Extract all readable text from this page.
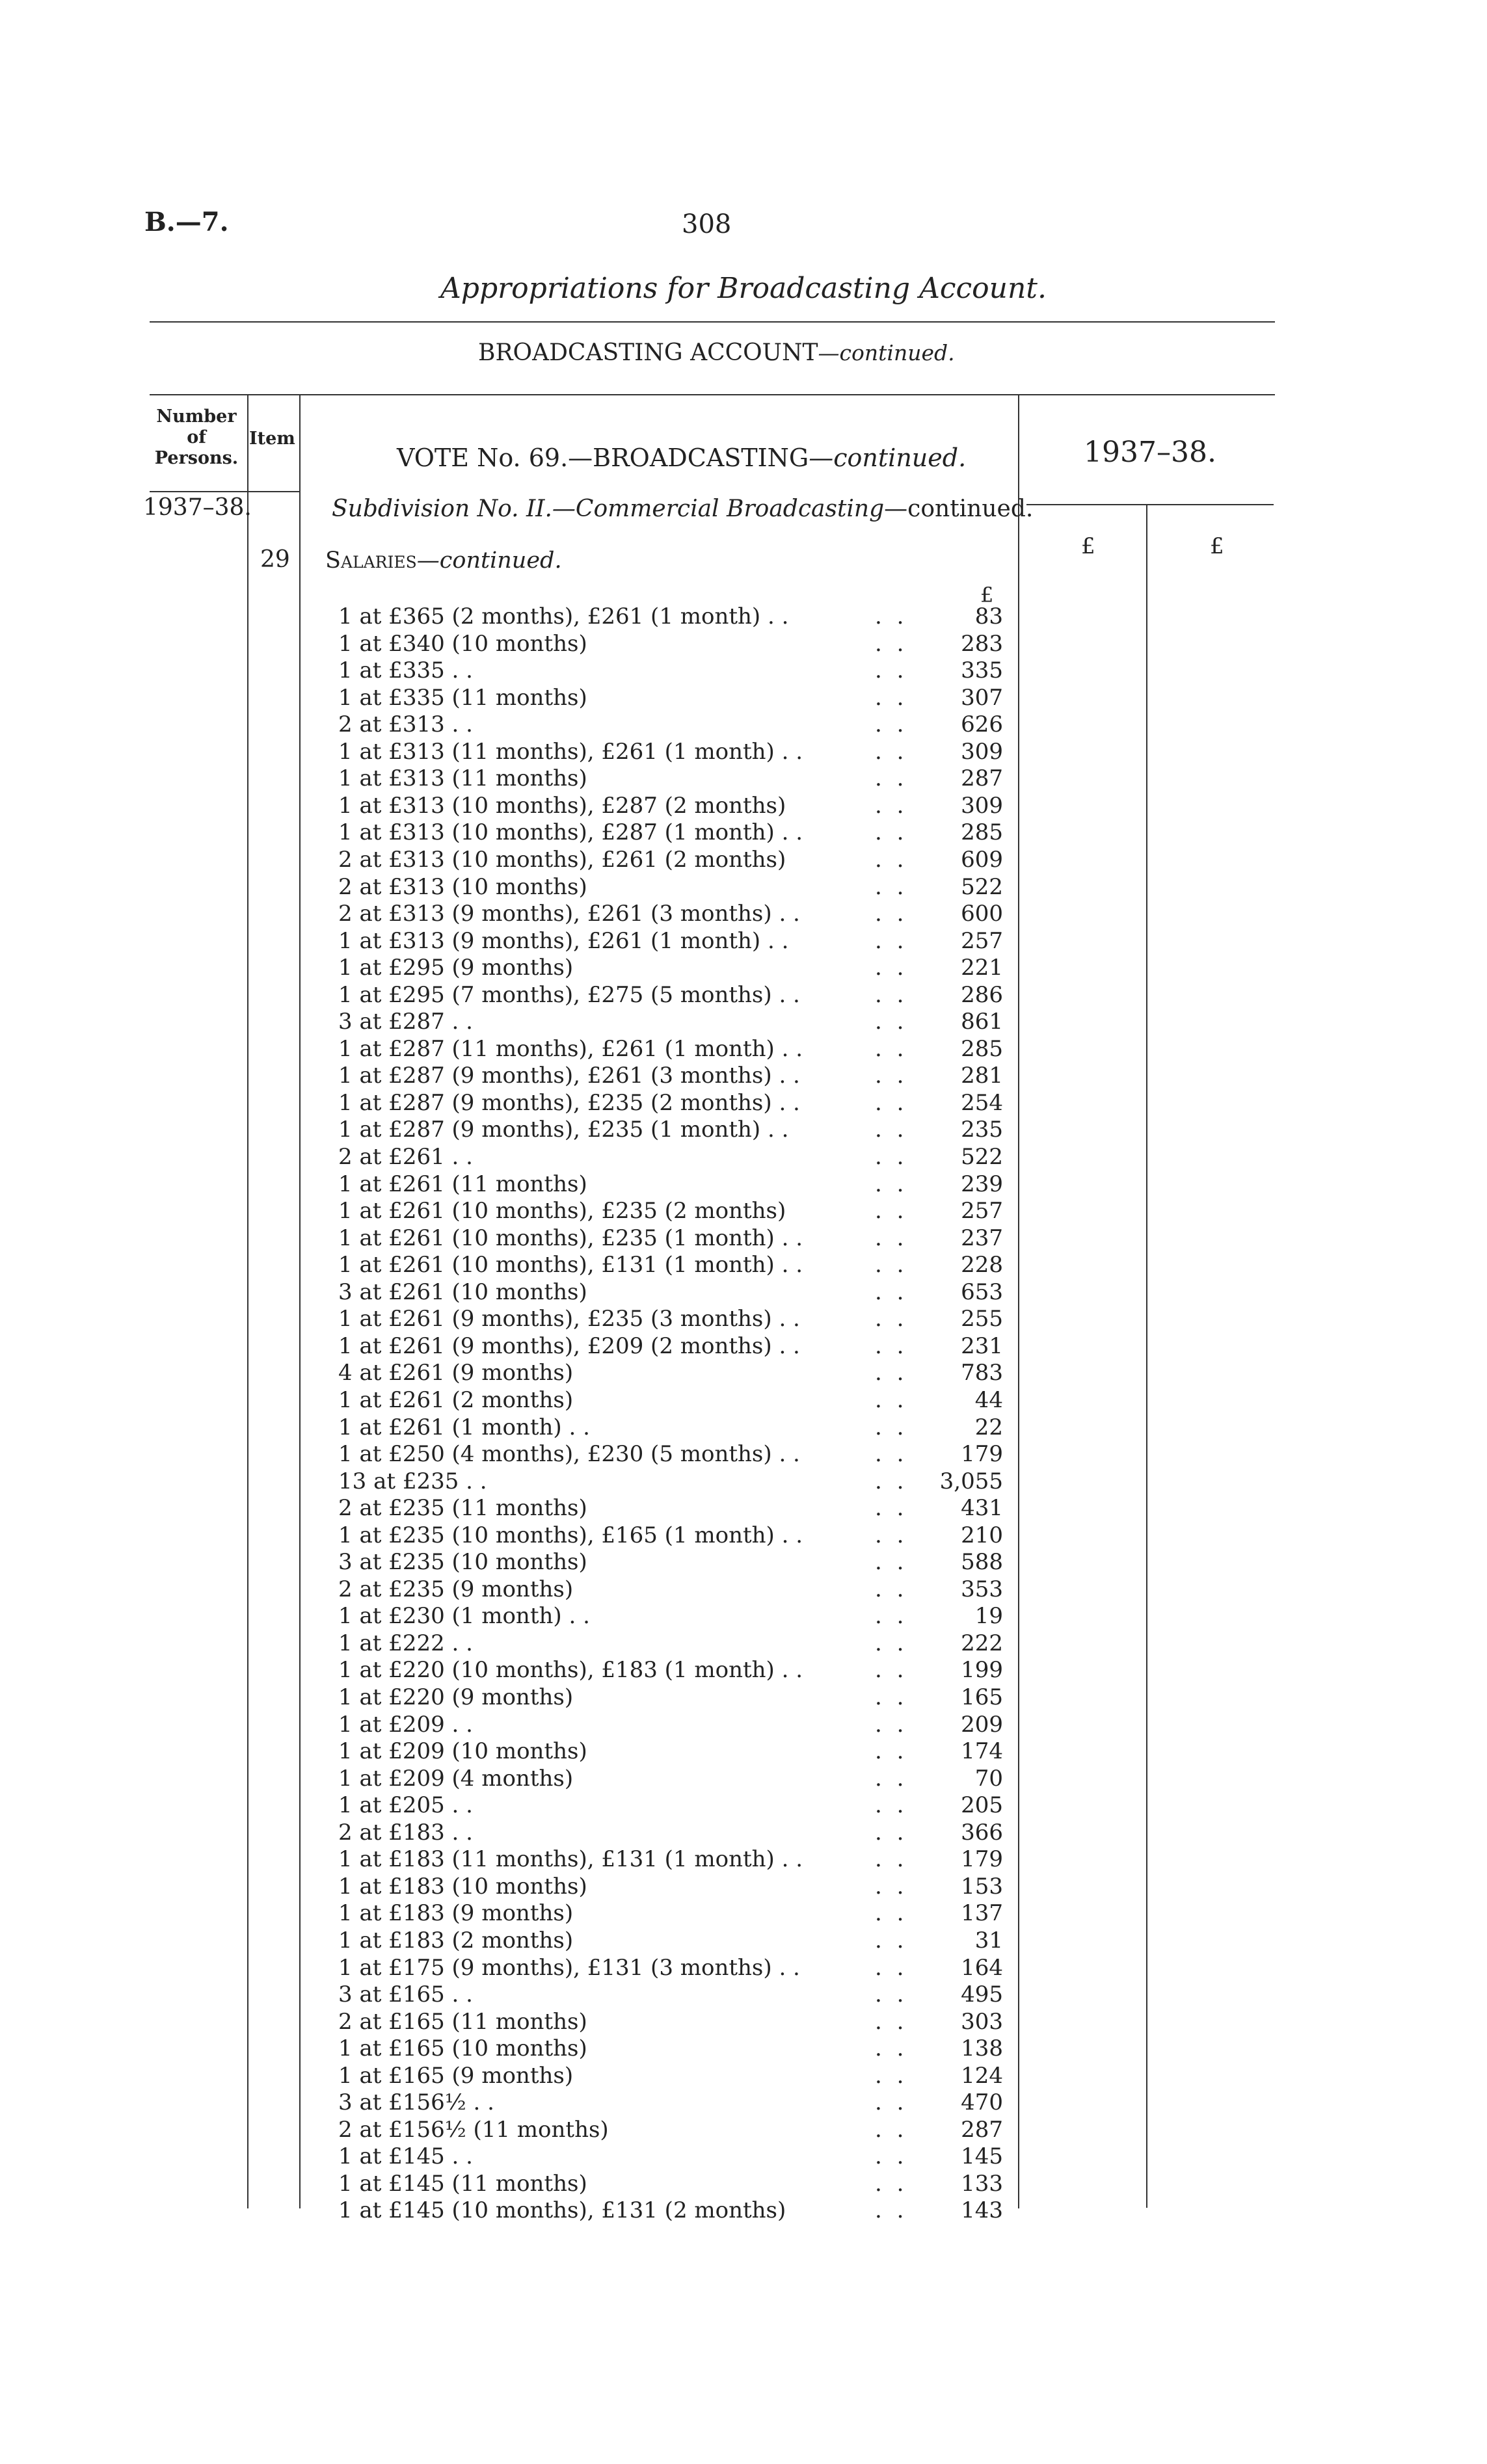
B.—7.	308
Appropriations for Broadcasting Account.
BROADCASTING ACCOUNT—continued.
Number of Persons.
Item
VOTE No. 69.—BROADCASTING—continued.	1937–38.
1937–38.	Subdivision No. II.—Commercial Broadcasting—continued.
£	£
29 Salaries—continued.
£
1 at £365 (2 months), £261 (1 month) . .	. .	83
1 at £340 (10 months)	. . 283
1 at £335 . .	. . 335
1 at £335 (11 months)	. . 307
2 at £313 . .	. . 626
1 at £313 (11 months), £261 (1 month) . .	. . 309
1 at £313 (11 months)	. . 287
1 at £313 (10 months), £287 (2 months)	. . 309
1 at £313 (10 months), £287 (1 month) . .	. . 285
2 at £313 (10 months), £261 (2 months)	. . 609
2 at £313 (10 months)	. . 522
2 at £313 (9 months), £261 (3 months) . .	. . 600
1 at £313 (9 months), £261 (1 month) . .	. . 257
1 at £295 (9 months)	. . 221
1 at £295 (7 months), £275 (5 months) . .	. . 286
3 at £287 . .	. . 861
1 at £287 (11 months), £261 (1 month) . .	. . 285
1 at £287 (9 months), £261 (3 months) . .	. . 281
1 at £287 (9 months), £235 (2 months) . .	. . 254
1 at £287 (9 months), £235 (1 month) . .	. . 235
2 at £261 . .	. . 522
1 at £261 (11 months)	. . 239
1 at £261 (10 months), £235 (2 months)	. . 257
1 at £261 (10 months), £235 (1 month) . .	. . 237
1 at £261 (10 months), £131 (1 month) . .	. . 228
3 at £261 (10 months)	. . 653
1 at £261 (9 months), £235 (3 months) . .	. . 255
1 at £261 (9 months), £209 (2 months) . .	. . 231
4 at £261 (9 months)	. . 783
1 at £261 (2 months)	. .	44
1 at £261 (1 month) . .	. .	22
1 at £250 (4 months), £230 (5 months) . .	. . 179
13 at £235 . .	. . 3,055
2 at £235 (11 months)	. . 431
1 at £235 (10 months), £165 (1 month) . .	. . 210
3 at £235 (10 months)	. . 588
2 at £235 (9 months)	. . 353
1 at £230 (1 month) . .	. .	19
1 at £222 . .	. . 222
1 at £220 (10 months), £183 (1 month) . .	. . 199
1 at £220 (9 months)	. . 165
1 at £209 . .	. . 209
1 at £209 (10 months)	. . 174
1 at £209 (4 months)	. .	70
1 at £205 . .	. . 205
2 at £183 . .	. . 366
1 at £183 (11 months), £131 (1 month) . .	. . 179
1 at £183 (10 months)	. . 153
1 at £183 (9 months)	. . 137
1 at £183 (2 months)	. .	31
1 at £175 (9 months), £131 (3 months) . .	. . 164
3 at £165 . .	. . 495
2 at £165 (11 months)	. . 303
1 at £165 (10 months)	. . 138
1 at £165 (9 months)	. . 124
3 at £156½ . .	. . 470
2 at £156½ (11 months)	. . 287
1 at £145 . .	. . 145
1 at £145 (11 months)	. . 133
1 at £145 (10 months), £131 (2 months)	. . 143
